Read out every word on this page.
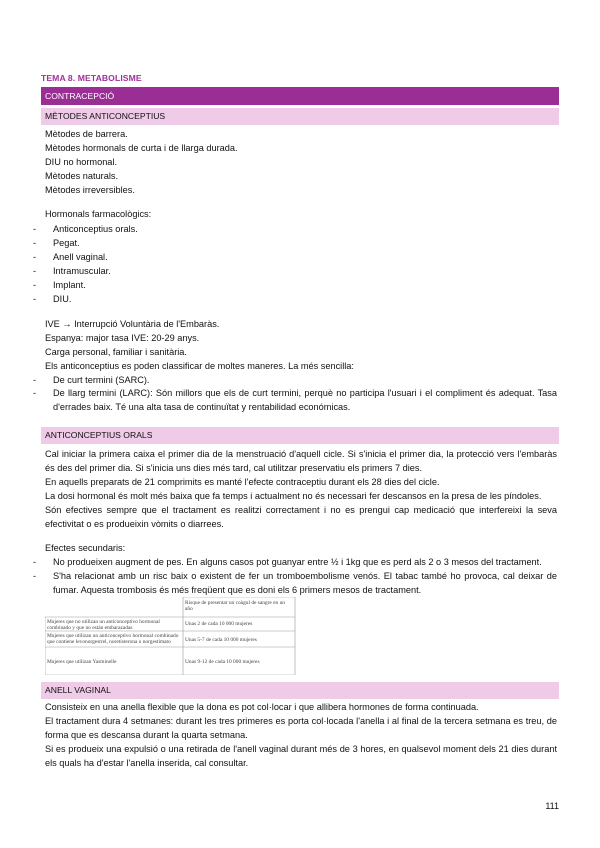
TEMA 8. METABOLISME
CONTRACEPCIÓ
MÈTODES ANTICONCEPTIUS
Mètodes de barrera.
Mètodes hormonals de curta i de llarga durada.
DIU no hormonal.
Mètodes naturals.
Mètodes irreversibles.
Hormonals farmacològics:
- Anticonceptius orals.
- Pegat.
- Anell vaginal.
- Intramuscular.
- Implant.
- DIU.
IVE → Interrupció Voluntària de l'Embaràs.
Espanya: major tasa IVE: 20-29 anys.
Carga personal, familiar i sanitària.
Els anticonceptius es poden classificar de moltes maneres. La més sencilla:
- De curt termini (SARC).
- De llarg termini (LARC): Són millors que els de curt termini, perquè no participa l'usuari i el compliment és adequat. Tasa d'errades baix. Té una alta tasa de continuïtat y rentabilidad económicas.

ANTICONCEPTIUS ORALS
Cal iniciar la primera caixa el primer dia de la menstruació d'aquell cicle. Si s'inicia el primer dia, la protecció vers l'embaràs és des del primer dia. Si s'inicia uns dies més tard, cal utilitzar preservatiu els primers 7 dies.
En aquells preparats de 21 comprimits es manté l'efecte contraceptiu durant els 28 dies del cicle.
La dosi hormonal és molt més baixa que fa temps i actualment no és necessari fer descansos en la presa de les píndoles.
Són efectives sempre que el tractament es realitzi correctament i no es prengui cap medicació que interfereixi la seva efectivitat o es produeixin vòmits o diarrees.
Efectes secundaris:
- No produeixen augment de pes. En alguns casos pot guanyar entre ½ i 1kg que es perd als 2 o 3 mesos del tractament.

- S'ha relacionat amb un risc baix o existent de fer un tromboembolisme venós. El tabac també ho provoca, cal deixar de fumar. Aquesta trombosis és més freqüent que es doni els 6 primers mesos de tractament.

Risque de presentar un coàgul de sangre en un año
Mujeres que no utilizan un anticonceptivo hormonal combinado y que no están embarazadas
Unas 2 de cada 10 000 mujeres
Mujeres que utilizan un anticonceptivo hormonal combinado que contiene levonorgestrel, noretisterona o norgestimato	Unas 5-7 de cada 10 000 mujeres
Mujeres que utilizan Yasminelle	Unas 9-12 de cada 10 000 mujeres
ANELL VAGINAL
Consisteix en una anella flexible que la dona es pot col·locar i que allibera hormones de forma continuada.
El tractament dura 4 setmanes: durant les tres primeres es porta col·locada l'anella i al final de la tercera setmana es treu, de forma que es descansa durant la quarta setmana.
Si es produeix una expulsió o una retirada de l'anell vaginal durant més de 3 hores, en qualsevol moment dels 21 dies durant els quals ha d'estar l'anella inserida, cal consultar.
111
